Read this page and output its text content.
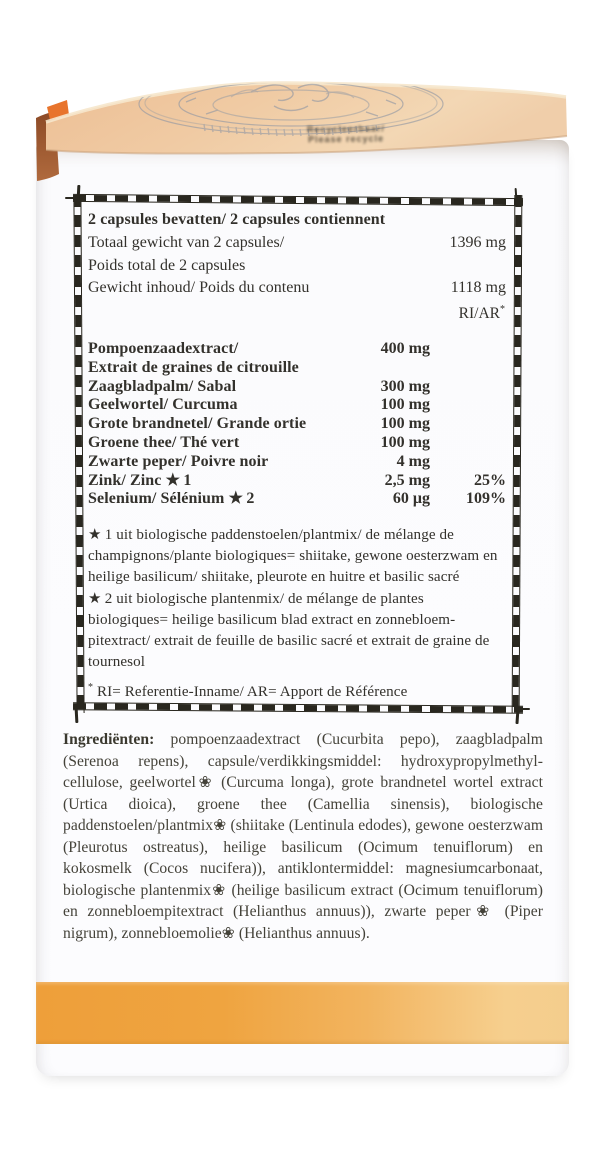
Recycleerbaar/
Please recycle
2 capsules bevatten/ 2 capsules contiennent
Totaal gewicht van 2 capsules/	1396 mg
Poids total de 2 capsules
Gewicht inhoud/ Poids du contenu	1118 mg
RI/AR*
Pompoenzaadextract/	400 mg
Extrait de graines de citrouille
Zaagbladpalm/ Sabal	300 mg
Geelwortel/ Curcuma	100 mg
Grote brandnetel/ Grande ortie	100 mg
Groene thee/ Thé vert	100 mg
Zwarte peper/ Poivre noir	4 mg
Zink/ Zinc ★ 1	2,5 mg	25%
Selenium/ Sélénium ★ 2	60 μg	109%

★ 1 uit biologische paddenstoelen/plantmix/ de mélange de champignons/plante biologiques= shiitake, gewone oesterzwam en heilige basilicum/ shiitake, pleurote en huitre et basilic sacré

★ 2 uit biologische plantenmix/ de mélange de plantes biologiques= heilige basilicum blad extract en zonnebloempitextract/ extrait de feuille de basilic sacré et extrait de graine de tournesol

* RI= Referentie-Inname/ AR= Apport de Référence

Ingrediënten: pompoenzaadextract (Cucurbita pepo), zaagbladpalm (Serenoa repens), capsule/verdikkingsmiddel: hydroxypropylmethylcellulose, geelwortel❀ (Curcuma longa), grote brandnetel wortel extract (Urtica dioica), groene thee (Camellia sinensis), biologische paddenstoelen/plantmix❀ (shiitake (Lentinula edodes), gewone oesterzwam (Pleurotus ostreatus), heilige basilicum (Ocimum tenuiflorum) en kokosmelk (Cocos nucifera)), antiklontermiddel: magnesiumcarbonaat, biologische plantenmix❀ (heilige basilicum extract (Ocimum tenuiflorum) en zonnebloempitextract (Helianthus annuus)), zwarte peper❀ (Piper nigrum), zonnebloemolie❀ (Helianthus annuus).
